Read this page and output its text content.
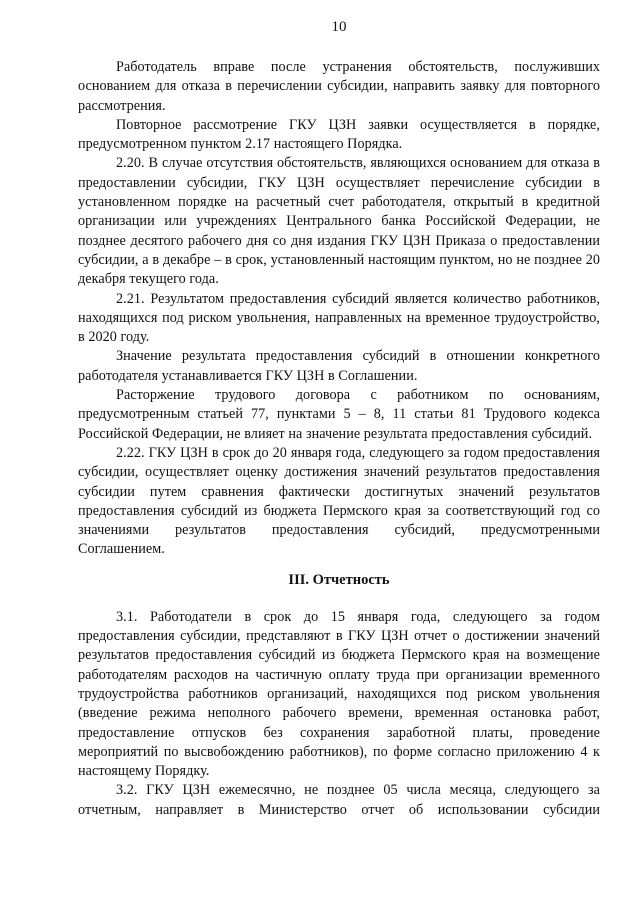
10

Работодатель вправе после устранения обстоятельств, послуживших основанием для отказа в перечислении субсидии, направить заявку для повторного рассмотрения.

Повторное рассмотрение ГКУ ЦЗН заявки осуществляется в порядке, предусмотренном пунктом 2.17 настоящего Порядка.

2.20. В случае отсутствия обстоятельств, являющихся основанием для отказа в предоставлении субсидии, ГКУ ЦЗН осуществляет перечисление субсидии в установленном порядке на расчетный счет работодателя, открытый в кредитной организации или учреждениях Центрального банка Российской Федерации, не позднее десятого рабочего дня со дня издания ГКУ ЦЗН Приказа о предоставлении субсидии, а в декабре – в срок, установленный настоящим пунктом, но не позднее 20 декабря текущего года.

2.21. Результатом предоставления субсидий является количество работников, находящихся под риском увольнения, направленных на временное трудоустройство, в 2020 году.

Значение результата предоставления субсидий в отношении конкретного работодателя устанавливается ГКУ ЦЗН в Соглашении.

Расторжение трудового договора с работником по основаниям, предусмотренным статьей 77, пунктами 5 – 8, 11 статьи 81 Трудового кодекса Российской Федерации, не влияет на значение результата предоставления субсидий.

2.22. ГКУ ЦЗН в срок до 20 января года, следующего за годом предоставления субсидии, осуществляет оценку достижения значений результатов предоставления субсидии путем сравнения фактически достигнутых значений результатов предоставления субсидий из бюджета Пермского края за соответствующий год со значениями результатов предоставления субсидий, предусмотренными Соглашением.

III. Отчетность

3.1. Работодатели в срок до 15 января года, следующего за годом предоставления субсидии, представляют в ГКУ ЦЗН отчет о достижении значений результатов предоставления субсидий из бюджета Пермского края на возмещение работодателям расходов на частичную оплату труда при организации временного трудоустройства работников организаций, находящихся под риском увольнения (введение режима неполного рабочего времени, временная остановка работ, предоставление отпусков без сохранения заработной платы, проведение мероприятий по высвобождению работников), по форме согласно приложению 4 к настоящему Порядку.

3.2. ГКУ ЦЗН ежемесячно, не позднее 05 числа месяца, следующего за отчетным, направляет в Министерство отчет об использовании субсидии
